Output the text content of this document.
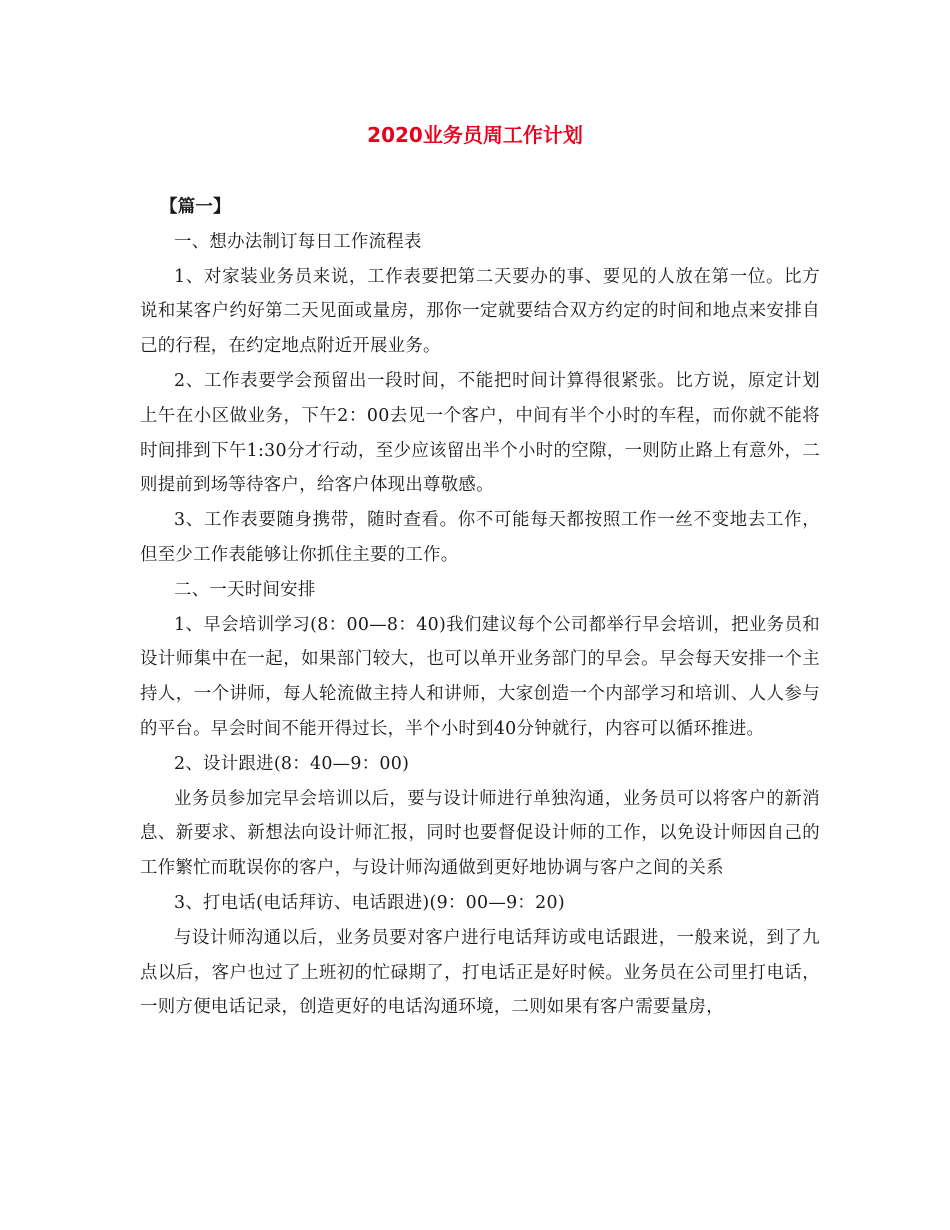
2020业务员周工作计划

【篇一】

一、想办法制订每日工作流程表

1、对家装业务员来说，工作表要把第二天要办的事、要见的人放在第一位。比方说和某客户约好第二天见面或量房，那你一定就要结合双方约定的时间和地点来安排自己的行程，在约定地点附近开展业务。

2、工作表要学会预留出一段时间，不能把时间计算得很紧张。比方说，原定计划上午在小区做业务，下午2：00去见一个客户，中间有半个小时的车程，而你就不能将时间排到下午1:30分才行动，至少应该留出半个小时的空隙，一则防止路上有意外，二则提前到场等待客户，给客户体现出尊敬感。

3、工作表要随身携带，随时查看。你不可能每天都按照工作一丝不变地去工作，但至少工作表能够让你抓住主要的工作。

二、一天时间安排

1、早会培训学习(8：00—8：40)我们建议每个公司都举行早会培训，把业务员和设计师集中在一起，如果部门较大，也可以单开业务部门的早会。早会每天安排一个主持人，一个讲师，每人轮流做主持人和讲师，大家创造一个内部学习和培训、人人参与的平台。早会时间不能开得过长，半个小时到40分钟就行，内容可以循环推进。

2、设计跟进(8：40—9：00)

业务员参加完早会培训以后，要与设计师进行单独沟通，业务员可以将客户的新消息、新要求、新想法向设计师汇报，同时也要督促设计师的工作，以免设计师因自己的工作繁忙而耽误你的客户，与设计师沟通做到更好地协调与客户之间的关系

3、打电话(电话拜访、电话跟进)(9：00—9：20)

与设计师沟通以后，业务员要对客户进行电话拜访或电话跟进，一般来说，到了九点以后，客户也过了上班初的忙碌期了，打电话正是好时候。业务员在公司里打电话，一则方便电话记录，创造更好的电话沟通环境，二则如果有客户需要量房，
